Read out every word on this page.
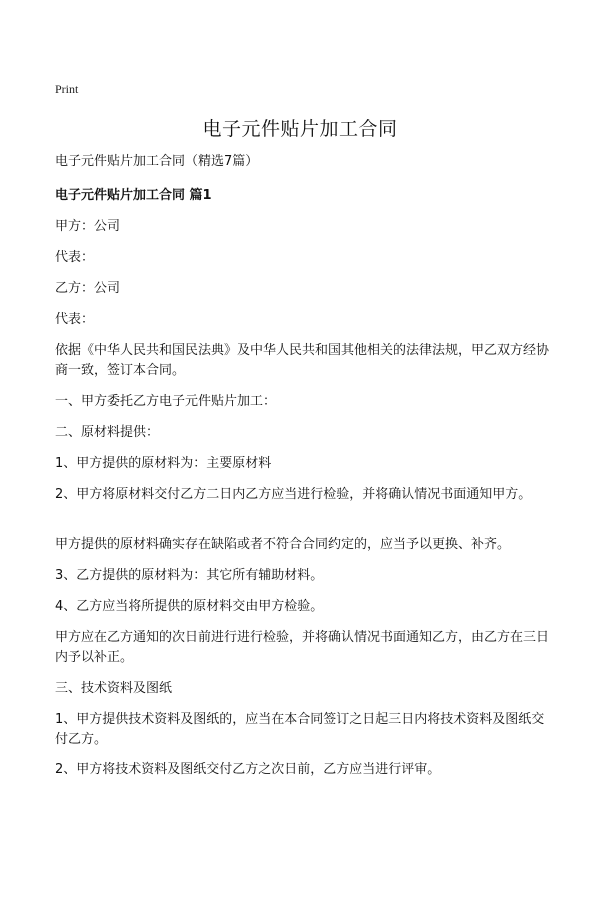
Print
电子元件贴片加工合同

电子元件贴片加工合同（精选7篇）

电子元件贴片加工合同 篇1

甲方：公司

代表：

乙方：公司

代表：

依据《中华人民共和国民法典》及中华人民共和国其他相关的法律法规，甲乙双方经协商一致，签订本合同。

一、甲方委托乙方电子元件贴片加工：

二、原材料提供：

1、甲方提供的原材料为：主要原材料

2、甲方将原材料交付乙方二日内乙方应当进行检验，并将确认情况书面通知甲方。

甲方提供的原材料确实存在缺陷或者不符合合同约定的，应当予以更换、补齐。

3、乙方提供的原材料为：其它所有辅助材料。

4、乙方应当将所提供的原材料交由甲方检验。

甲方应在乙方通知的次日前进行进行检验，并将确认情况书面通知乙方，由乙方在三日内予以补正。

三、技术资料及图纸

1、甲方提供技术资料及图纸的，应当在本合同签订之日起三日内将技术资料及图纸交付乙方。

2、甲方将技术资料及图纸交付乙方之次日前，乙方应当进行评审。
